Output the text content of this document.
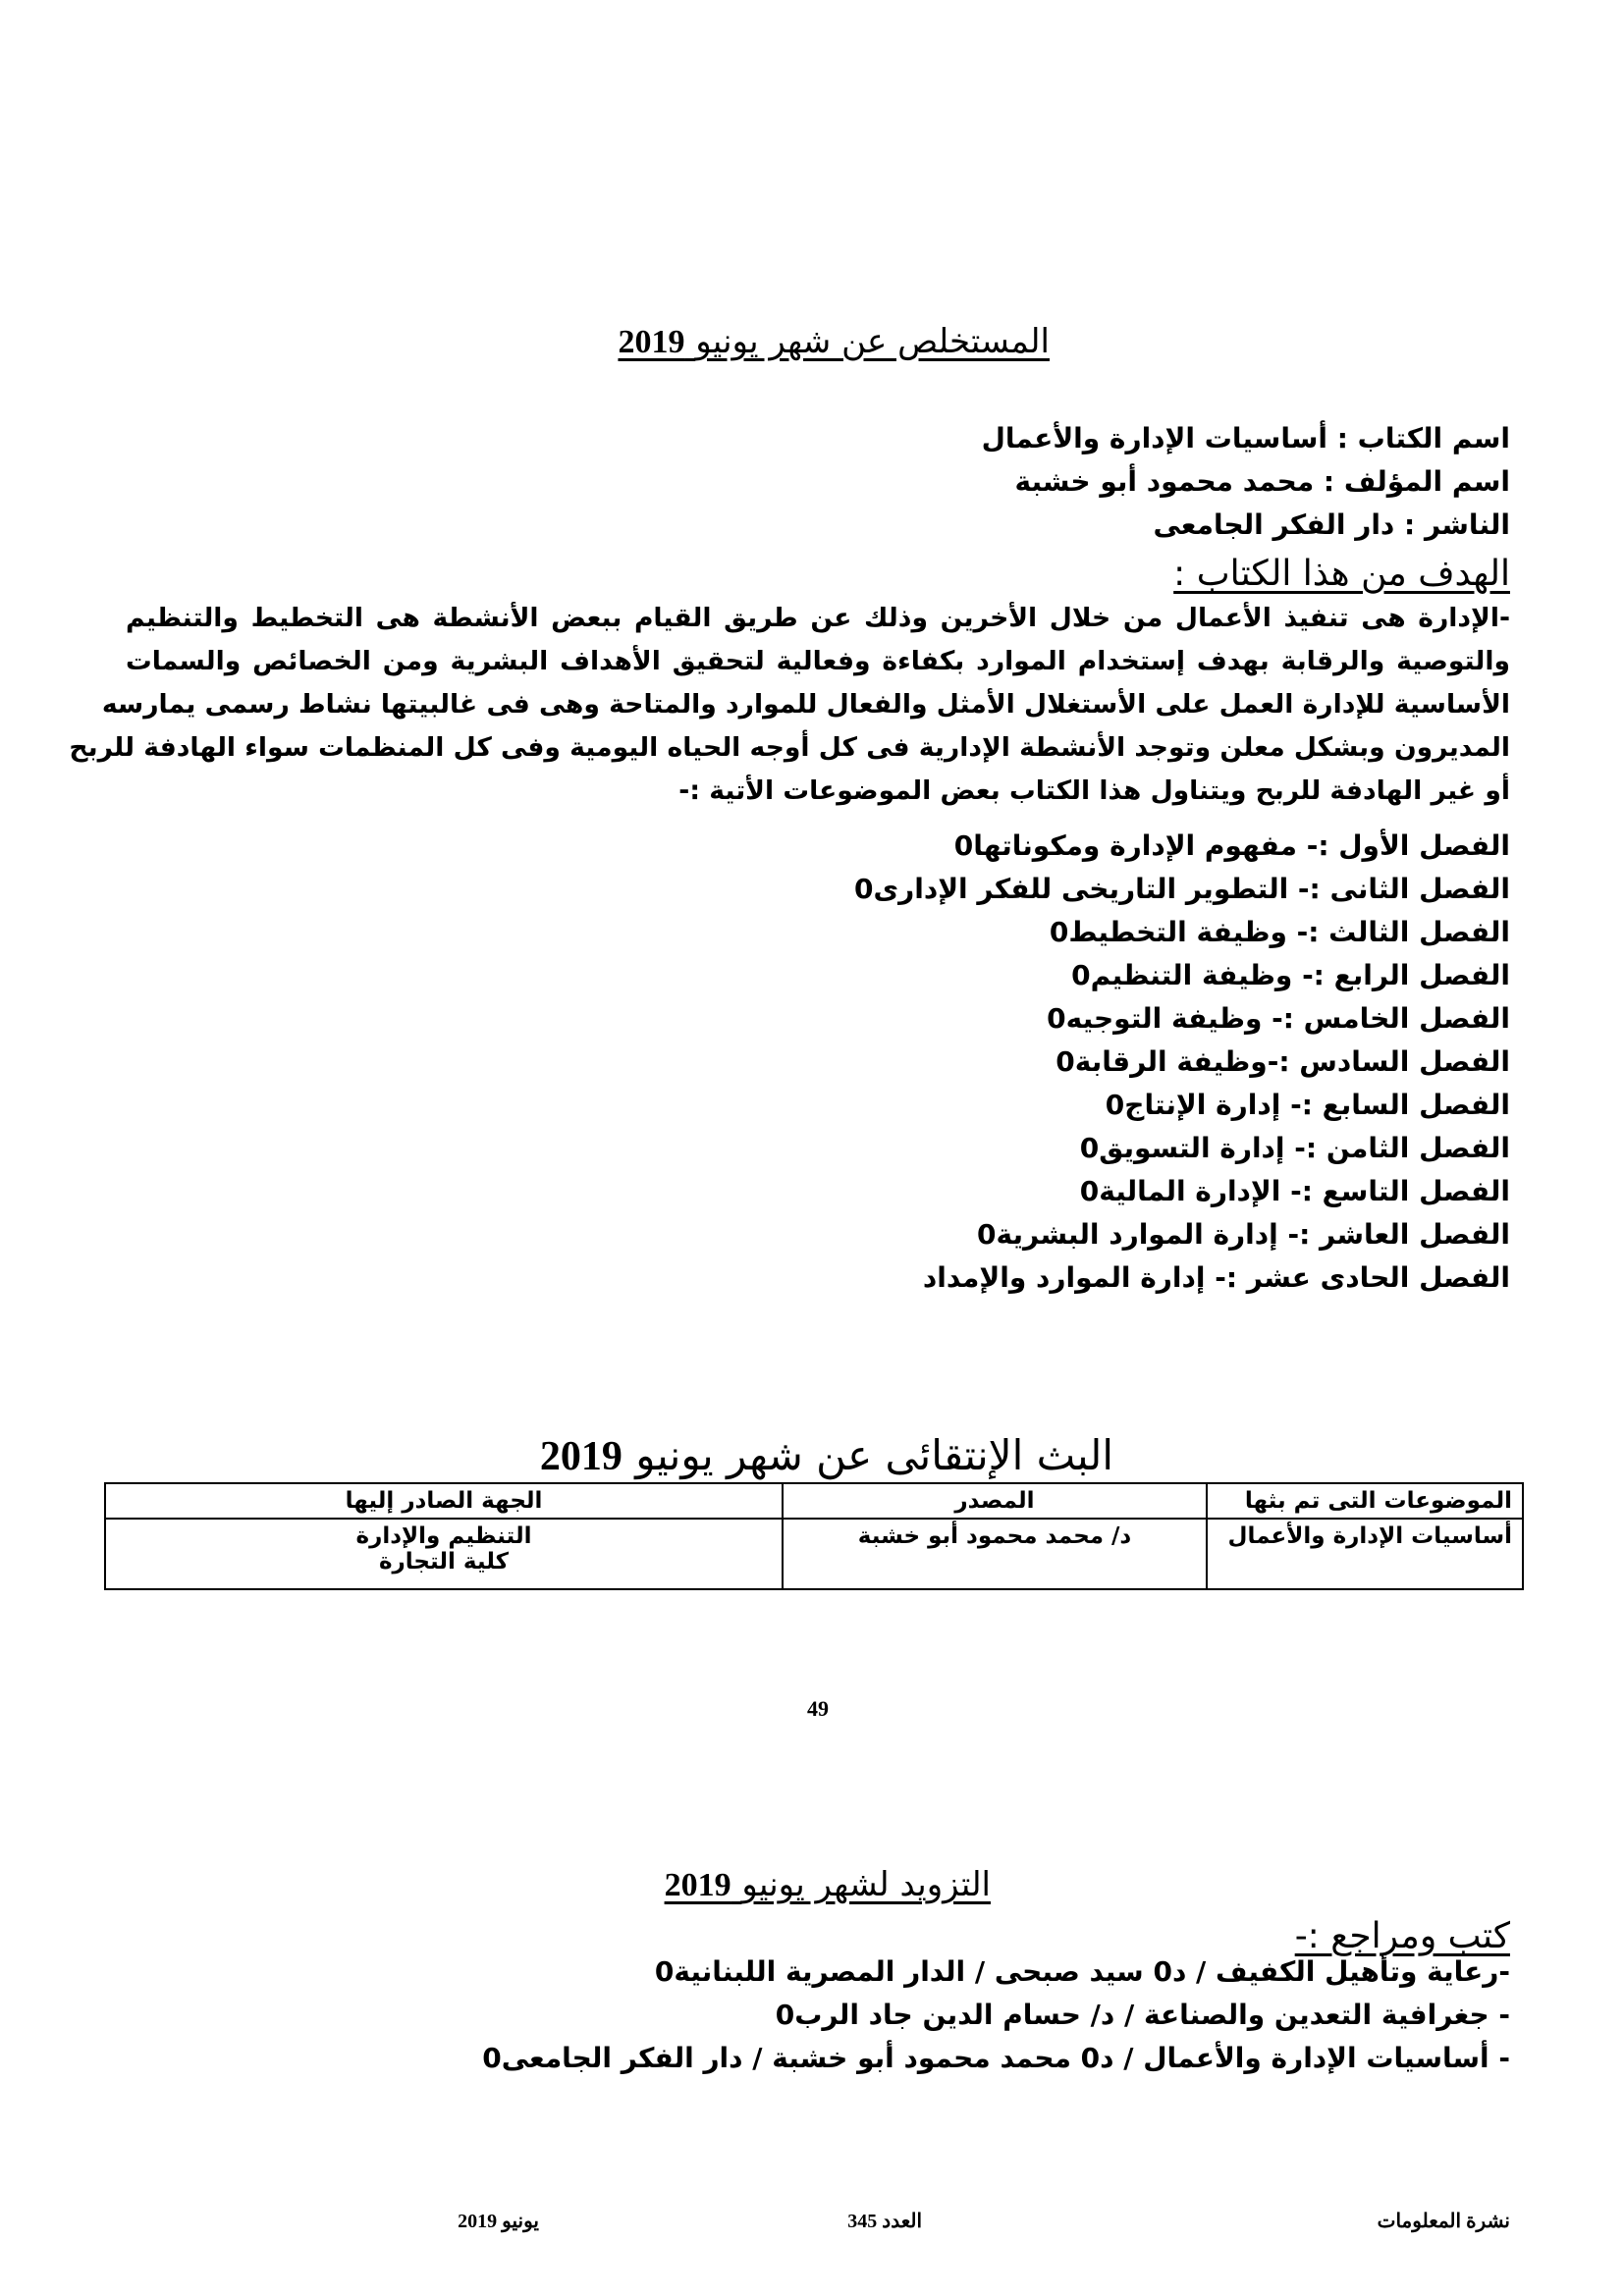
المستخلص عن شهر يونيو 2019
اسم الكتاب : أساسيات الإدارة والأعمال
اسم المؤلف : محمد محمود أبو خشبة
الناشر : دار الفكر الجامعى
الهدف من هذا الكتاب :

-الإدارة هى تنفيذ الأعمال من خلال الأخرين وذلك عن طريق القيام ببعض الأنشطة هى التخطيط والتنظيم

والتوصية والرقابة بهدف إستخدام الموارد بكفاءة وفعالية لتحقيق الأهداف البشرية ومن الخصائص والسمات

الأساسية للإدارة العمل على الأستغلال الأمثل والفعال للموارد والمتاحة وهى فى غالبيتها نشاط رسمى يمارسه

المديرون وبشكل معلن وتوجد الأنشطة الإدارية فى كل أوجه الحياه اليومية وفى كل المنظمات سواء الهادفة للربح

أو غير الهادفة للربح ويتناول هذا الكتاب بعض الموضوعات الأتية :-

الفصل الأول :- مفهوم الإدارة ومكوناتها0
الفصل الثانى :- التطوير التاريخى للفكر الإدارى0
الفصل الثالث :- وظيفة التخطيط0
الفصل الرابع :- وظيفة التنظيم0
الفصل الخامس :- وظيفة التوجيه0
الفصل السادس :-وظيفة الرقابة0
الفصل السابع :- إدارة الإنتاج0
الفصل الثامن :- إدارة التسويق0
الفصل التاسع :- الإدارة المالية0
الفصل العاشر :- إدارة الموارد البشرية0
الفصل الحادى عشر :- إدارة الموارد والإمداد
البث الإنتقائى عن شهر يونيو 2019
الموضوعات التى تم بثها	المصدر	الجهة الصادر إليها
أساسيات الإدارة والأعمال	د/ محمد محمود أبو خشبة	التنظيم والإدارة
كلية التجارة
49
التزويد لشهر يونيو 2019
كتب ومراجع :-
-رعاية وتأهيل الكفيف / د0 سيد صبحى / الدار المصرية اللبنانية0
- جغرافية التعدين والصناعة / د/ حسام الدين جاد الرب0
- أساسيات الإدارة والأعمال / د0 محمد محمود أبو خشبة / دار الفكر الجامعى0
نشرة المعلومات
العدد 345
يونيو 2019
